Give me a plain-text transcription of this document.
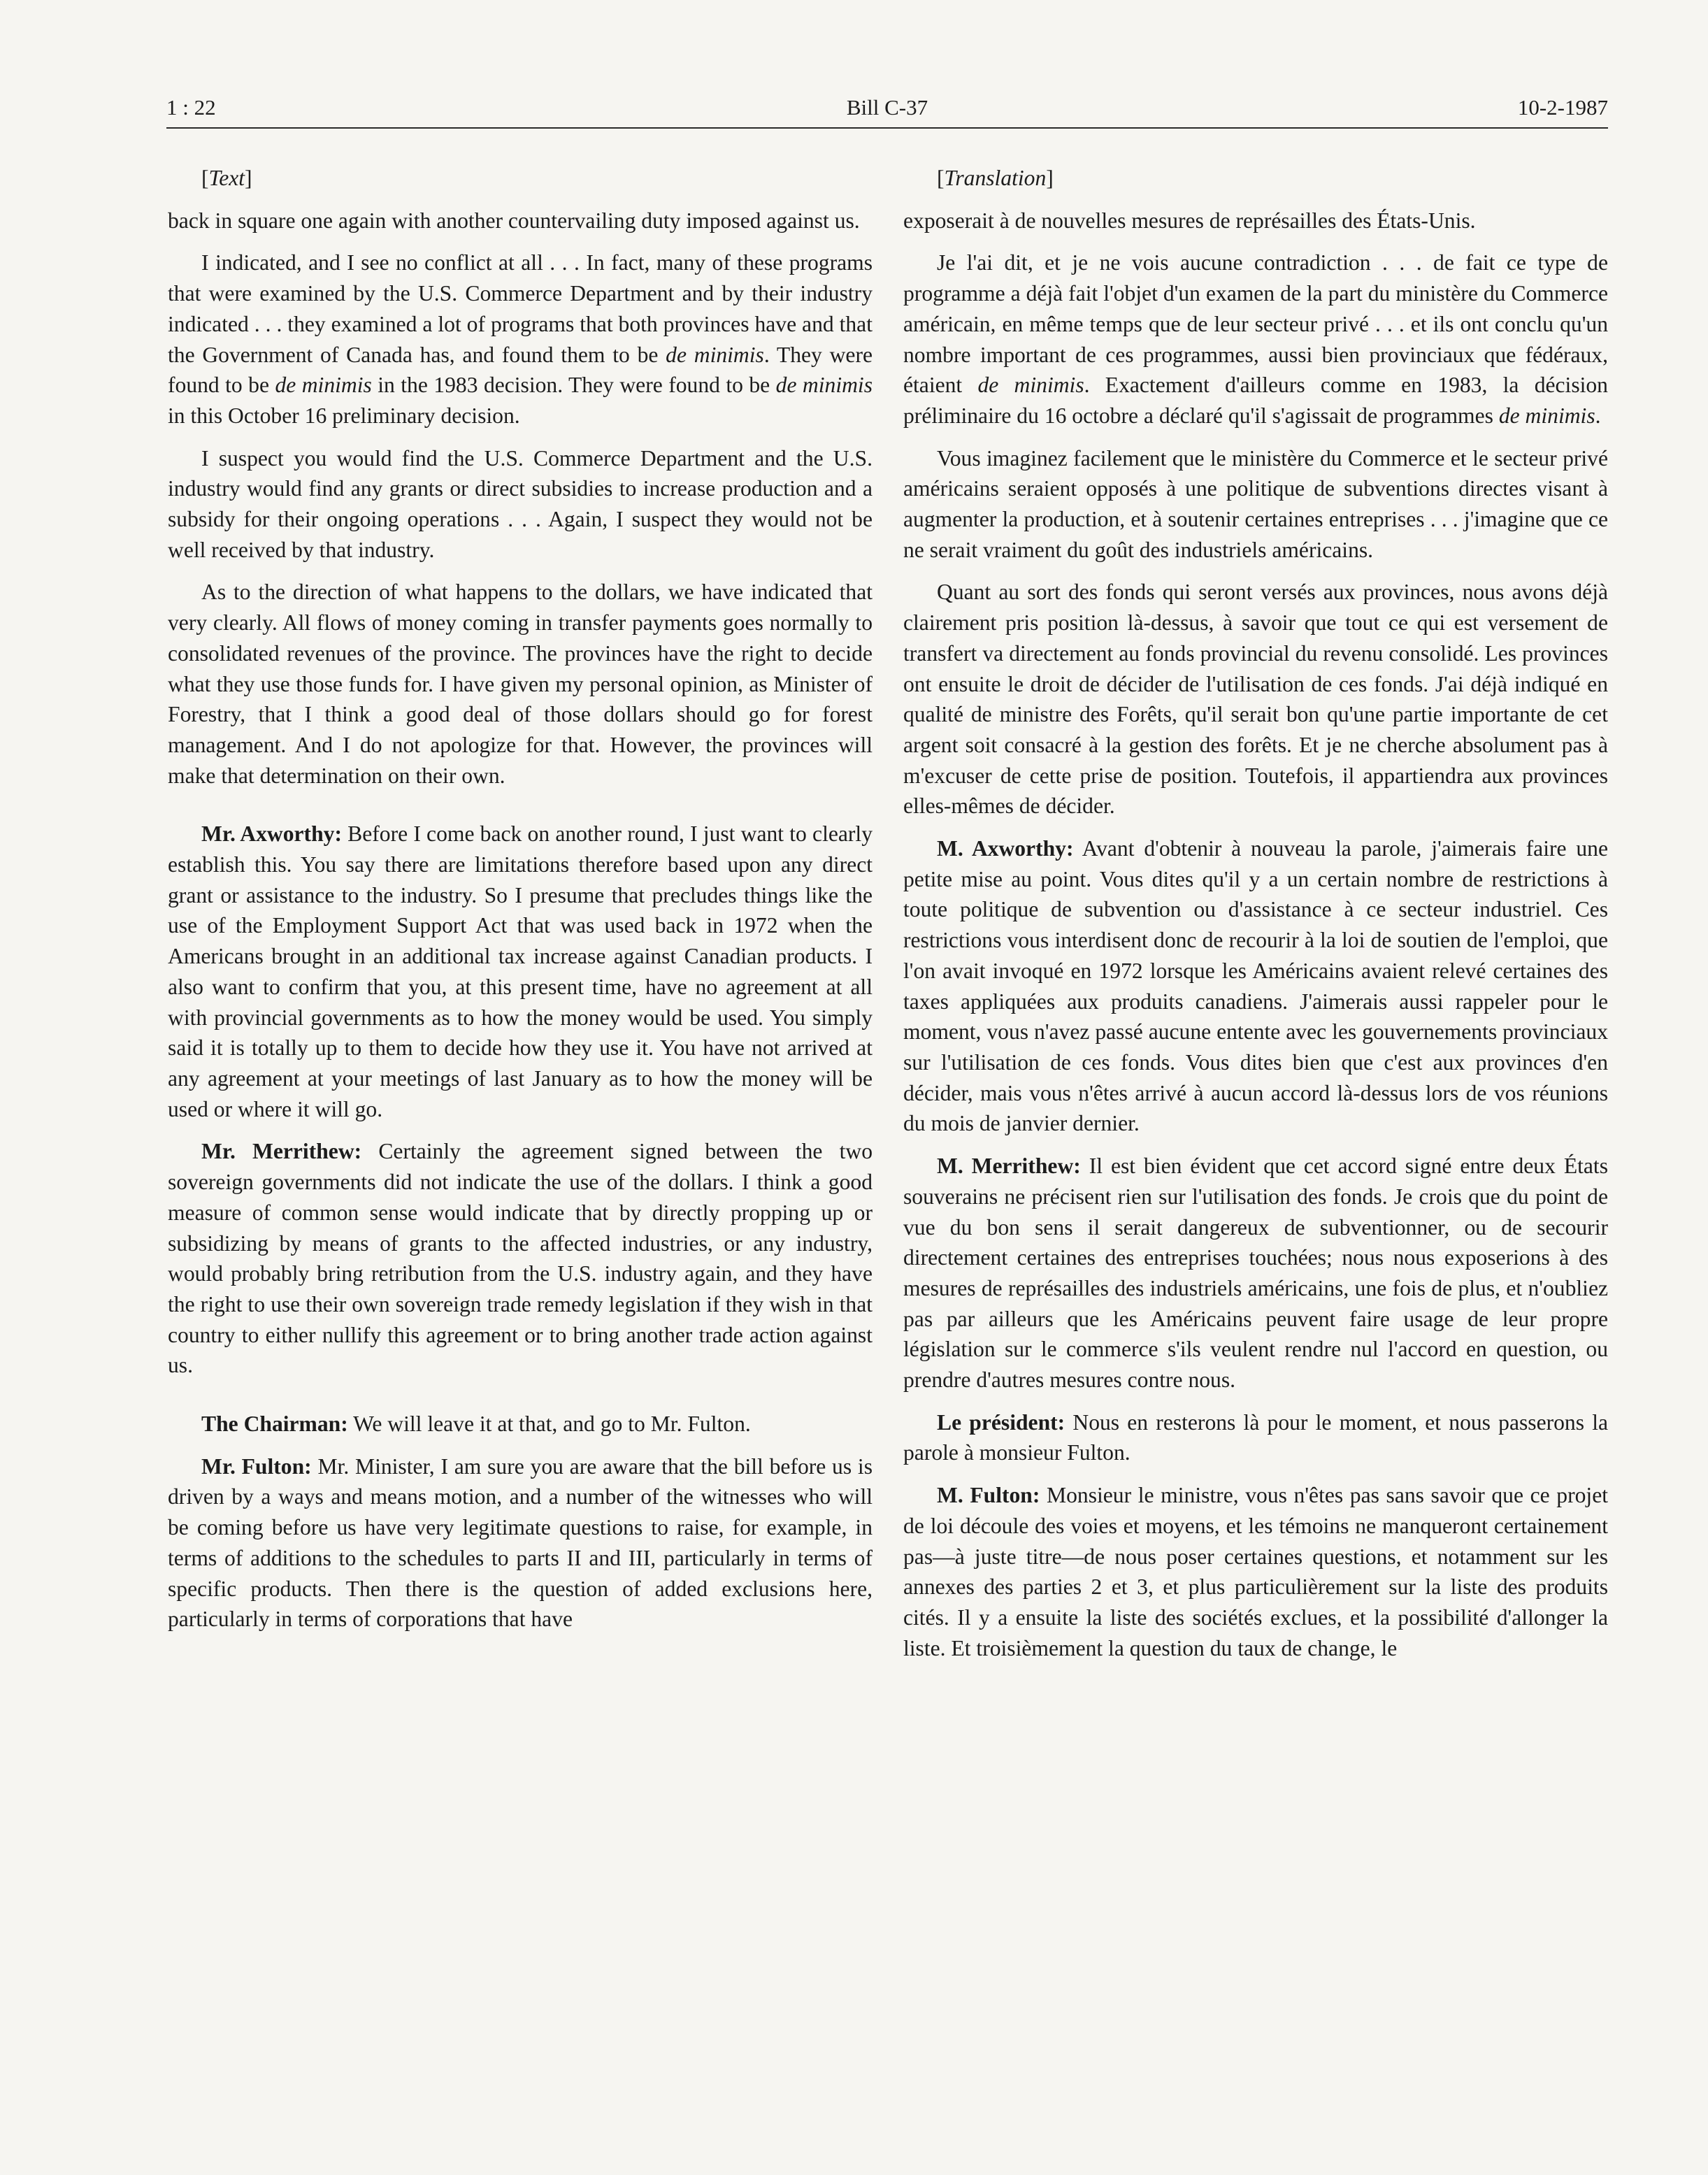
1 : 22	Bill C-37	10-2-1987

[Text]

back in square one again with another countervailing duty imposed against us.

I indicated, and I see no conflict at all . . . In fact, many of these programs that were examined by the U.S. Commerce Department and by their industry indicated . . . they examined a lot of programs that both provinces have and that the Government of Canada has, and found them to be de minimis. They were found to be de minimis in the 1983 decision. They were found to be de minimis in this October 16 preliminary decision.

I suspect you would find the U.S. Commerce Department and the U.S. industry would find any grants or direct subsidies to increase production and a subsidy for their ongoing operations . . . Again, I suspect they would not be well received by that industry.

As to the direction of what happens to the dollars, we have indicated that very clearly. All flows of money coming in transfer payments goes normally to consolidated revenues of the province. The provinces have the right to decide what they use those funds for. I have given my personal opinion, as Minister of Forestry, that I think a good deal of those dollars should go for forest management. And I do not apologize for that. However, the provinces will make that determination on their own.

Mr. Axworthy: Before I come back on another round, I just want to clearly establish this. You say there are limitations therefore based upon any direct grant or assistance to the industry. So I presume that precludes things like the use of the Employment Support Act that was used back in 1972 when the Americans brought in an additional tax increase against Canadian products. I also want to confirm that you, at this present time, have no agreement at all with provincial governments as to how the money would be used. You simply said it is totally up to them to decide how they use it. You have not arrived at any agreement at your meetings of last January as to how the money will be used or where it will go.

Mr. Merrithew: Certainly the agreement signed between the two sovereign governments did not indicate the use of the dollars. I think a good measure of common sense would indicate that by directly propping up or subsidizing by means of grants to the affected industries, or any industry, would probably bring retribution from the U.S. industry again, and they have the right to use their own sovereign trade remedy legislation if they wish in that country to either nullify this agreement or to bring another trade action against us.

The Chairman: We will leave it at that, and go to Mr. Fulton.

Mr. Fulton: Mr. Minister, I am sure you are aware that the bill before us is driven by a ways and means motion, and a number of the witnesses who will be coming before us have very legitimate questions to raise, for example, in terms of additions to the schedules to parts II and III, particularly in terms of specific products. Then there is the question of added exclusions here, particularly in terms of corporations that have

[Translation]

exposerait à de nouvelles mesures de représailles des États-Unis.

Je l'ai dit, et je ne vois aucune contradiction . . . de fait ce type de programme a déjà fait l'objet d'un examen de la part du ministère du Commerce américain, en même temps que de leur secteur privé . . . et ils ont conclu qu'un nombre important de ces programmes, aussi bien provinciaux que fédéraux, étaient de minimis. Exactement d'ailleurs comme en 1983, la décision préliminaire du 16 octobre a déclaré qu'il s'agissait de programmes de minimis.

Vous imaginez facilement que le ministère du Commerce et le secteur privé américains seraient opposés à une politique de subventions directes visant à augmenter la production, et à soutenir certaines entreprises . . . j'imagine que ce ne serait vraiment du goût des industriels américains.

Quant au sort des fonds qui seront versés aux provinces, nous avons déjà clairement pris position là-dessus, à savoir que tout ce qui est versement de transfert va directement au fonds provincial du revenu consolidé. Les provinces ont ensuite le droit de décider de l'utilisation de ces fonds. J'ai déjà indiqué en qualité de ministre des Forêts, qu'il serait bon qu'une partie importante de cet argent soit consacré à la gestion des forêts. Et je ne cherche absolument pas à m'excuser de cette prise de position. Toutefois, il appartiendra aux provinces elles-mêmes de décider.

M. Axworthy: Avant d'obtenir à nouveau la parole, j'aimerais faire une petite mise au point. Vous dites qu'il y a un certain nombre de restrictions à toute politique de subvention ou d'assistance à ce secteur industriel. Ces restrictions vous interdisent donc de recourir à la loi de soutien de l'emploi, que l'on avait invoqué en 1972 lorsque les Américains avaient relevé certaines des taxes appliquées aux produits canadiens. J'aimerais aussi rappeler pour le moment, vous n'avez passé aucune entente avec les gouvernements provinciaux sur l'utilisation de ces fonds. Vous dites bien que c'est aux provinces d'en décider, mais vous n'êtes arrivé à aucun accord là-dessus lors de vos réunions du mois de janvier dernier.

M. Merrithew: Il est bien évident que cet accord signé entre deux États souverains ne précisent rien sur l'utilisation des fonds. Je crois que du point de vue du bon sens il serait dangereux de subventionner, ou de secourir directement certaines des entreprises touchées; nous nous exposerions à des mesures de représailles des industriels américains, une fois de plus, et n'oubliez pas par ailleurs que les Américains peuvent faire usage de leur propre législation sur le commerce s'ils veulent rendre nul l'accord en question, ou prendre d'autres mesures contre nous.

Le président: Nous en resterons là pour le moment, et nous passerons la parole à monsieur Fulton.

M. Fulton: Monsieur le ministre, vous n'êtes pas sans savoir que ce projet de loi découle des voies et moyens, et les témoins ne manqueront certainement pas—à juste titre—de nous poser certaines questions, et notamment sur les annexes des parties 2 et 3, et plus particulièrement sur la liste des produits cités. Il y a ensuite la liste des sociétés exclues, et la possibilité d'allonger la liste. Et troisièmement la question du taux de change, le
